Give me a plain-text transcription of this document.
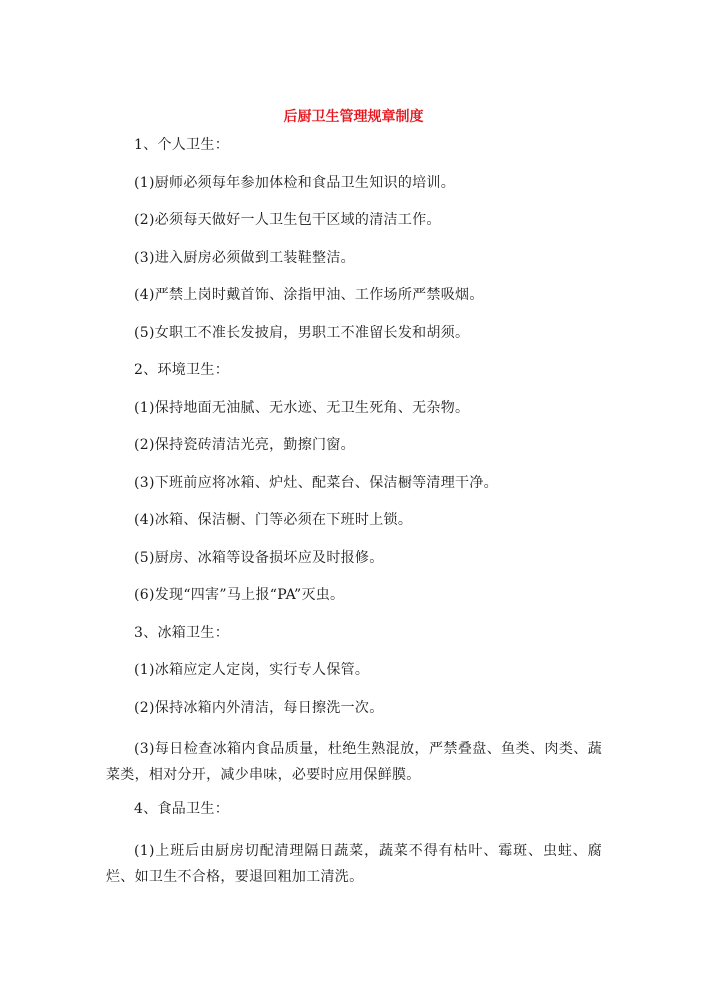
后厨卫生管理规章制度

1、个人卫生：

(1)厨师必须每年参加体检和食品卫生知识的培训。

(2)必须每天做好一人卫生包干区域的清洁工作。

(3)进入厨房必须做到工装鞋整洁。

(4)严禁上岗时戴首饰、涂指甲油、工作场所严禁吸烟。

(5)女职工不准长发披肩，男职工不准留长发和胡须。

2、环境卫生：

(1)保持地面无油腻、无水迹、无卫生死角、无杂物。

(2)保持瓷砖清洁光亮，勤擦门窗。

(3)下班前应将冰箱、炉灶、配菜台、保洁橱等清理干净。

(4)冰箱、保洁橱、门等必须在下班时上锁。

(5)厨房、冰箱等设备损坏应及时报修。

(6)发现“四害”马上报“PA”灭虫。

3、冰箱卫生：

(1)冰箱应定人定岗，实行专人保管。

(2)保持冰箱内外清洁，每日擦洗一次。

(3)每日检查冰箱内食品质量，杜绝生熟混放，严禁叠盘、鱼类、肉类、蔬菜类，相对分开，减少串味，必要时应用保鲜膜。

4、食品卫生：

(1)上班后由厨房切配清理隔日蔬菜，蔬菜不得有枯叶、霉斑、虫蛀、腐烂、如卫生不合格，要退回粗加工清洗。
